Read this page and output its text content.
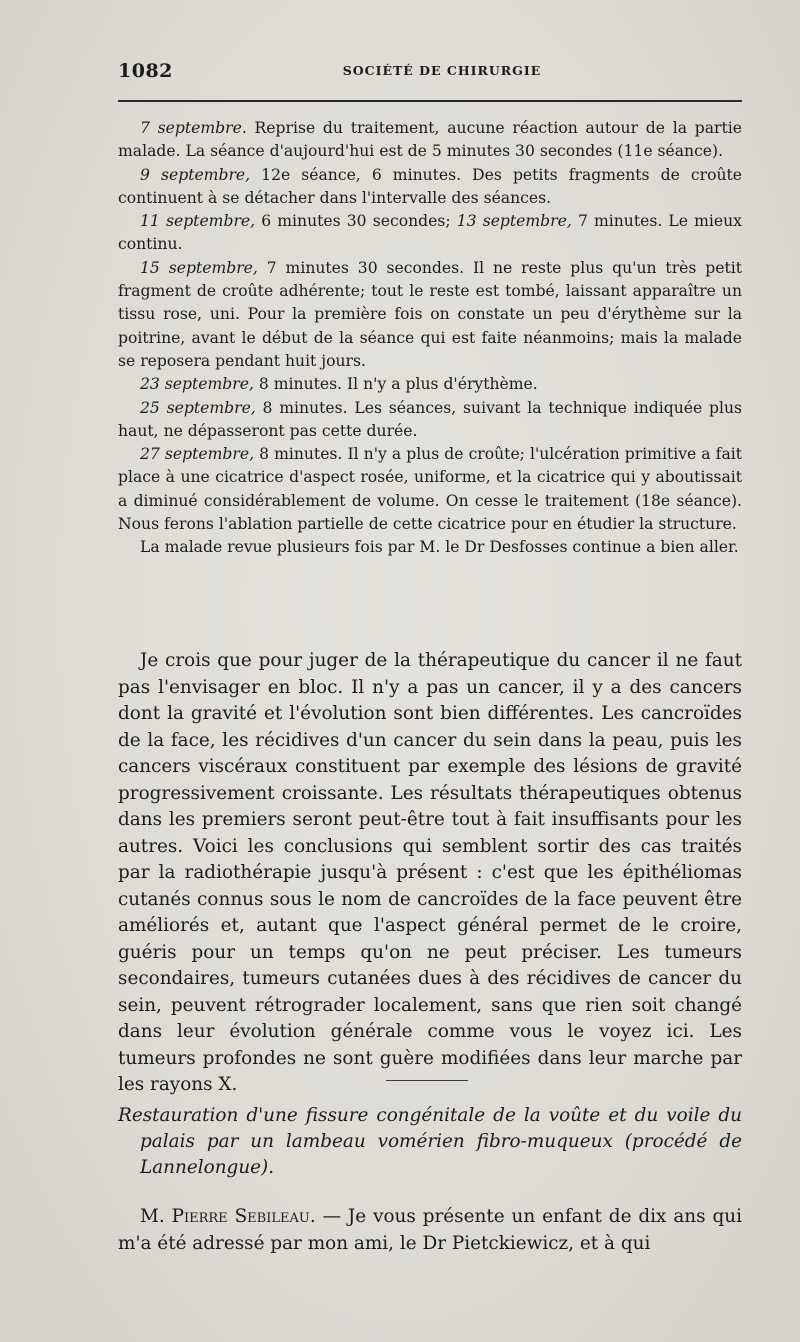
1082	SOCIÉTÉ DE CHIRURGIE

7 septembre. Reprise du traitement, aucune réaction autour de la partie malade. La séance d'aujourd'hui est de 5 minutes 30 secondes (11e séance).

9 septembre, 12e séance, 6 minutes. Des petits fragments de croûte continuent à se détacher dans l'intervalle des séances.

11 septembre, 6 minutes 30 secondes; 13 septembre, 7 minutes. Le mieux continu.

15 septembre, 7 minutes 30 secondes. Il ne reste plus qu'un très petit fragment de croûte adhérente; tout le reste est tombé, laissant apparaître un tissu rose, uni. Pour la première fois on constate un peu d'érythème sur la poitrine, avant le début de la séance qui est faite néanmoins; mais la malade se reposera pendant huit jours.

23 septembre, 8 minutes. Il n'y a plus d'érythème.

25 septembre, 8 minutes. Les séances, suivant la technique indiquée plus haut, ne dépasseront pas cette durée.

27 septembre, 8 minutes. Il n'y a plus de croûte; l'ulcération primitive a fait place à une cicatrice d'aspect rosée, uniforme, et la cicatrice qui y aboutissait a diminué considérablement de volume. On cesse le traitement (18e séance). Nous ferons l'ablation partielle de cette cicatrice pour en étudier la structure.

La malade revue plusieurs fois par M. le Dr Desfosses continue a bien aller.

Je crois que pour juger de la thérapeutique du cancer il ne faut pas l'envisager en bloc. Il n'y a pas un cancer, il y a des cancers dont la gravité et l'évolution sont bien différentes. Les cancroïdes de la face, les récidives d'un cancer du sein dans la peau, puis les cancers viscéraux constituent par exemple des lésions de gravité progressivement croissante. Les résultats thérapeutiques obtenus dans les premiers seront peut-être tout à fait insuffisants pour les autres. Voici les conclusions qui semblent sortir des cas traités par la radiothérapie jusqu'à présent : c'est que les épithéliomas cutanés connus sous le nom de cancroïdes de la face peuvent être améliorés et, autant que l'aspect général permet de le croire, guéris pour un temps qu'on ne peut préciser. Les tumeurs secondaires, tumeurs cutanées dues à des récidives de cancer du sein, peuvent rétrograder localement, sans que rien soit changé dans leur évolution générale comme vous le voyez ici. Les tumeurs profondes ne sont guère modifiées dans leur marche par les rayons X.

Restauration d'une fissure congénitale de la voûte et du voile du palais par un lambeau vomérien fibro-muqueux (procédé de Lannelongue).

M. Pierre Sebileau. — Je vous présente un enfant de dix ans qui m'a été adressé par mon ami, le Dr Pietckiewicz, et à qui
